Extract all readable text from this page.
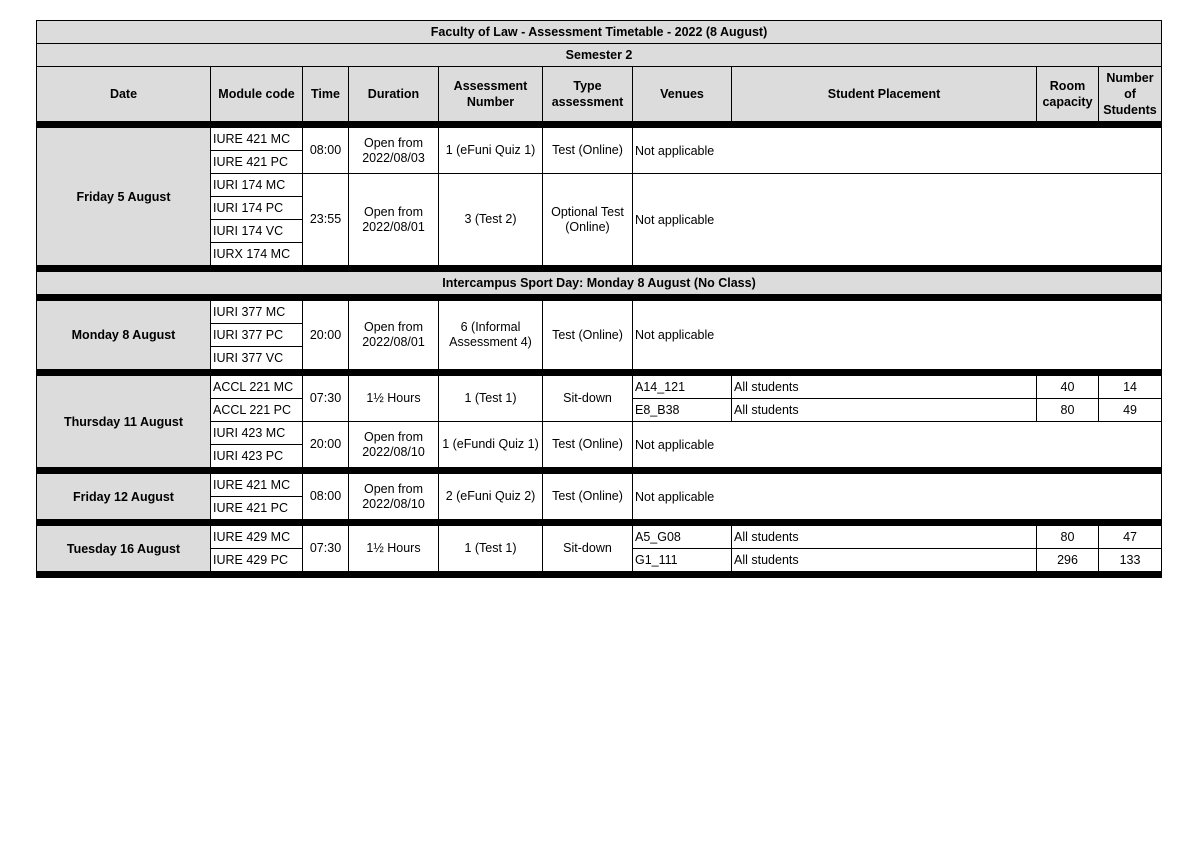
Faculty of Law - Assessment Timetable - 2022 (8 August)									
Semester 2									
Date	Module code	Time	Duration	Assessment Number	Type assessment	Venues	Student Placement	Room capacity	Number of Students

Friday 5 August	IURE 421 MC	08:00	Open from 2022/08/03	1 (eFuni Quiz 1)	Test (Online)	Not applicable			
	IURE 421 PC								
	IURI 174 MC	23:55	Open from 2022/08/01	3 (Test 2)	Optional Test (Online)	Not applicable			
	IURI 174 PC								
	IURI 174 VC								
	IURX 174 MC								

Intercampus Sport Day: Monday 8 August (No Class)									

Monday 8 August	IURI 377 MC	20:00	Open from 2022/08/01	6 (Informal Assessment 4)	Test (Online)	Not applicable			
	IURI 377 PC								
	IURI 377 VC								

Thursday 11 August	ACCL 221 MC	07:30	1½ Hours	1 (Test 1)	Sit-down	A14_121	All students	40	14
	ACCL 221 PC					E8_B38	All students	80	49
	IURI 423 MC	20:00	Open from 2022/08/10	1 (eFundi Quiz 1)	Test (Online)	Not applicable			
	IURI 423 PC								

Friday 12 August	IURE 421 MC	08:00	Open from 2022/08/10	2 (eFuni Quiz 2)	Test (Online)	Not applicable			
	IURE 421 PC								

Tuesday 16 August	IURE 429 MC	07:30	1½ Hours	1 (Test 1)	Sit-down	A5_G08	All students	80	47
	IURE 429 PC					G1_111	All students	296	133
